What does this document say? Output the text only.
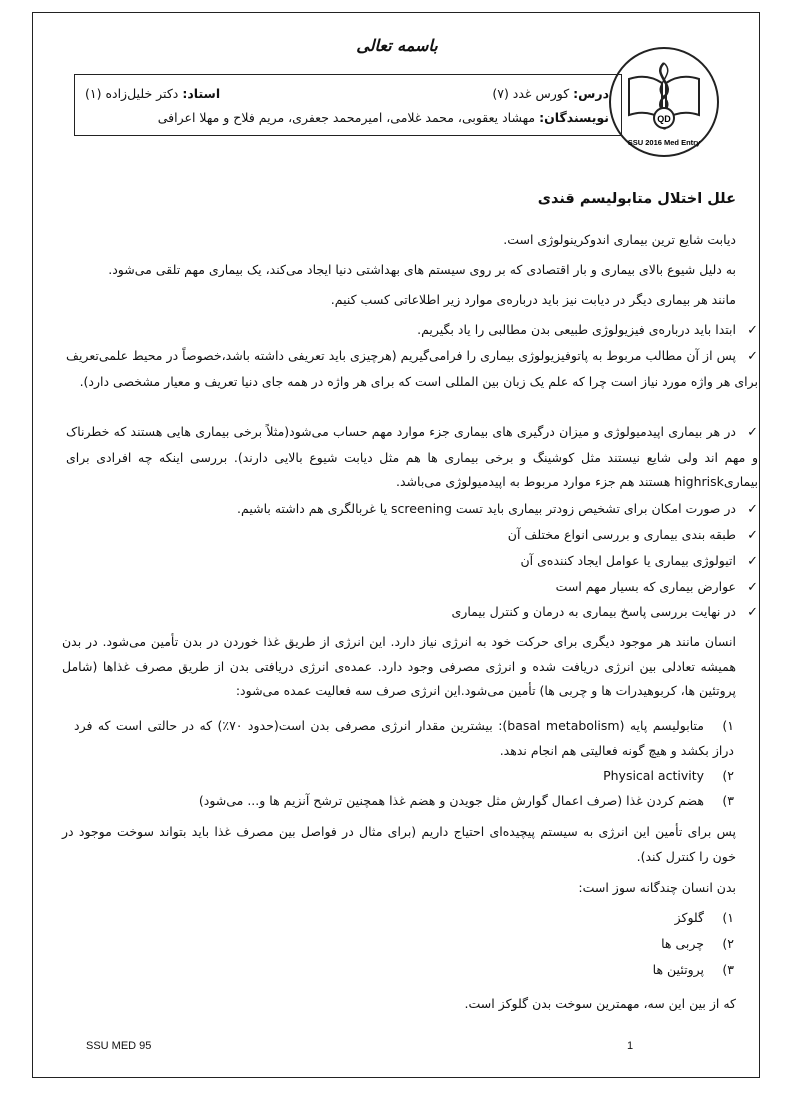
باسمه تعالی
QD
SSU 2016 Med Entry
درس: کورس غدد (۷)
استاد: دکتر خلیل‌زاده (۱)
نویسندگان: مهشاد یعقوبی، محمد غلامی، امیرمحمد جعفری، مریم فلاح و مهلا اعرافی
علل اختلال متابولیسم قندی
دیابت شایع ترین بیماری اندوکرینولوژی است.
به دلیل شیوع بالای بیماری و بار اقتصادی که بر روی سیستم های بهداشتی دنیا ایجاد می‌کند، یک بیماری مهم تلقی می‌شود.
مانند هر بیماری دیگر در دیابت نیز باید درباره‌ی موارد زیر اطلاعاتی کسب کنیم.
✓ابتدا باید درباره‌ی فیزیولوژی طبیعی بدن مطالبی را یاد بگیریم.
✓پس از آن مطالب مربوط به پاتوفیزیولوژی بیماری را فرامی‌گیریم (هرچیزی باید تعریفی داشته باشد،خصوصاً در محیط علمی‌تعریف برای هر واژه مورد نیاز است چرا که علم یک زبان بین المللی است که برای هر واژه در همه جای دنیا تعریف و معیار مشخصی دارد).
✓در هر بیماری اپیدمیولوژی و میزان درگیری های بیماری جزء موارد مهم حساب می‌شود(مثلاً برخی بیماری هایی هستند که خطرناک و مهم اند ولی شایع نیستند مثل کوشینگ و برخی بیماری ها هم مثل دیابت شیوع بالایی دارند). بررسی اینکه چه افرادی برای بیماری‌highrisk هستند هم جزء موارد مربوط به اپیدمیولوژی می‌باشد.
✓در صورت امکان برای تشخیص زودتر بیماری باید تست screening یا غربالگری هم داشته باشیم.
✓طبقه بندی بیماری و بررسی انواع مختلف آن
✓اتیولوژی بیماری یا عوامل ایجاد کننده‌ی آن
✓عوارض بیماری که بسیار مهم است
✓در نهایت بررسی پاسخ بیماری به درمان و کنترل بیماری
انسان مانند هر موجود دیگری برای حرکت خود به انرژی نیاز دارد. این انرژی از طریق غذا خوردن در بدن تأمین می‌شود. در بدن همیشه تعادلی بین انرژی دریافت شده و انرژی مصرفی وجود دارد. عمده‌ی انرژی دریافتی بدن از طریق مصرف غذاها (شامل پروتئین ها، کربوهیدرات ها و چربی ها) تأمین می‌شود.این انرژی صرف سه فعالیت عمده می‌شود:
۱)متابولیسم پایه (basal metabolism): بیشترین مقدار انرژی مصرفی بدن است(حدود ۷۰٪) که در حالتی است که فرد دراز بکشد و هیچ گونه فعالیتی هم انجام ندهد.
۲)Physical activity
۳)هضم کردن غذا (صرف اعمال گوارش مثل جویدن و هضم غذا همچنین ترشح آنزیم ها و... می‌شود)
پس برای تأمین این انرژی به سیستم پیچیده‌ای احتیاج داریم (برای مثال در فواصل بین مصرف غذا باید بتواند سوخت موجود در خون را کنترل کند).
بدن انسان چندگانه سوز است:
۱)گلوکز
۲)چربی ها
۳)پروتئین ها
که از بین این سه، مهمترین سوخت بدن گلوکز است.
SSU MED 95	1
